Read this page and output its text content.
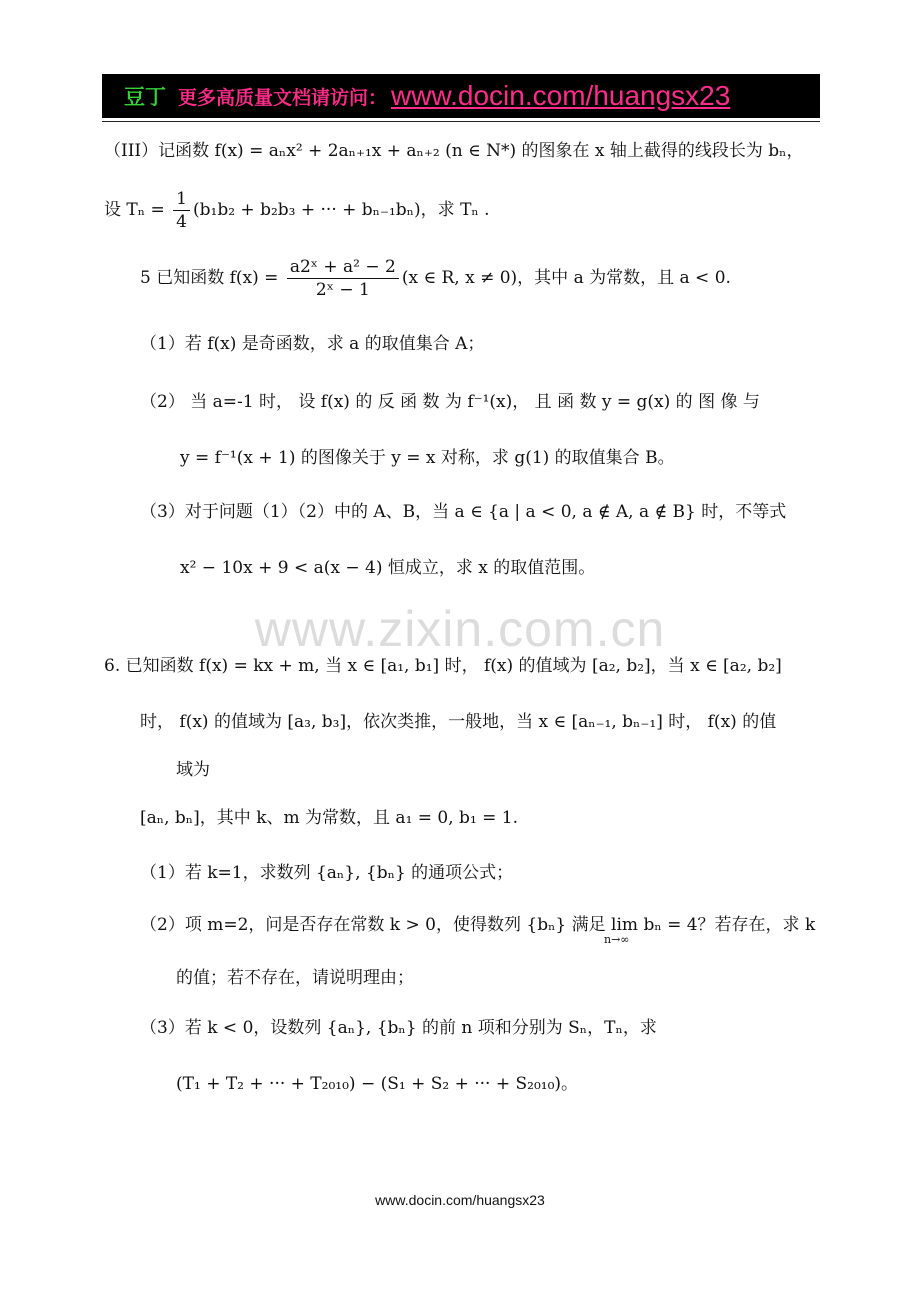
豆丁 更多高质量文档请访问： www.docin.com/huangsx23
（III）记函数 f(x) = aₙx² + 2aₙ₊₁x + aₙ₊₂ (n ∈ N*) 的图象在 x 轴上截得的线段长为 bₙ，
设 $T_n = \frac{1}{4} (b_1b_2 + b_2b_3$ + ··· + bₙ₋₁bₙ)，求 Tₙ .
5 已知函数 $f(x) = \frac{\text{a2ˣ + a² − 2}}{\text{2ˣ − 1}} (x$ ∈ R, x ≠ 0)，其中 a 为常数，且 a < 0.
（1）若 f(x) 是奇函数，求 a 的取值集合 A；
（2） 当 a=-1 时， 设 f(x) 的 反 函 数 为 f⁻¹(x)， 且 函 数 y = g(x) 的 图 像 与
y = f⁻¹(x + 1) 的图像关于 y = x 对称，求 g(1) 的取值集合 B。
（3）对于问题（1）（2）中的 A、B，当 a ∈ {a | a < 0, a ∉ A, a ∉ B} 时，不等式
x² − 10x + 9 < a(x − 4) 恒成立，求 x 的取值范围。
www.zixin.com.cn
6. 已知函数 f(x) = kx + m, 当 x ∈ [a₁, b₁] 时， f(x) 的值域为 [a₂, b₂]，当 x ∈ [a₂, b₂]
时， f(x) 的值域为 [a₃, b₃]，依次类推，一般地，当 x ∈ [aₙ₋₁, bₙ₋₁] 时， f(x) 的值
域为
[aₙ, bₙ]，其中 k、m 为常数，且 a₁ = 0, b₁ = 1.
（1）若 k=1，求数列 {aₙ}, {bₙ} 的通项公式；
（2）项 m=2，问是否存在常数 k > 0，使得数列 {bₙ} 满足 lim bₙ = 4？若存在，求 k
n→∞
的值；若不存在，请说明理由；
（3）若 k < 0，设数列 {aₙ}, {bₙ} 的前 n 项和分别为 Sₙ，Tₙ，求
(T₁ + T₂ + ··· + T₂₀₁₀) − (S₁ + S₂ + ··· + S₂₀₁₀)。
www.docin.com/huangsx23
